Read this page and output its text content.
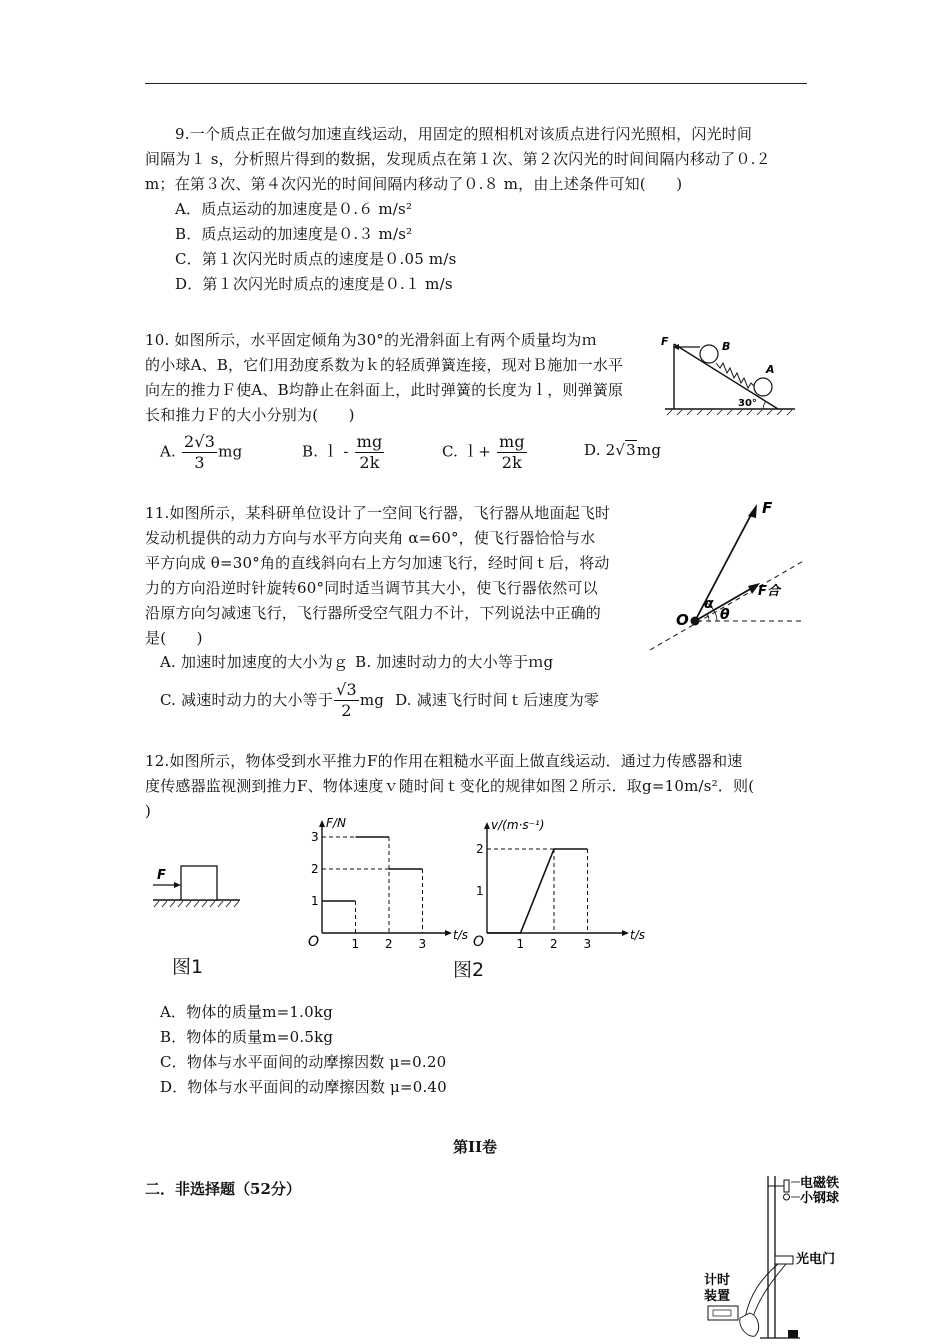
9.一个质点正在做匀加速直线运动，用固定的照相机对该质点进行闪光照相，闪光时间
间隔为１ s，分析照片得到的数据，发现质点在第１次、第２次闪光的时间间隔内移动了０.２
m；在第３次、第４次闪光的时间间隔内移动了０.８ m，由上述条件可知(　　)
A．质点运动的加速度是０.６ m/s²
B．质点运动的加速度是０.３ m/s²
C．第１次闪光时质点的速度是０.05 m/s
D．第１次闪光时质点的速度是０.１ m/s
10. 如图所示，水平固定倾角为30°的光滑斜面上有两个质量均为ｍ
的小球A、B，它们用劲度系数为ｋ的轻质弹簧连接，现对Ｂ施加一水平
向左的推力Ｆ使A、B均静止在斜面上，此时弹簧的长度为ｌ，则弹簧原
长和推力Ｆ的大小分别为(　　)
A. $\frac{2√3}{3}$ mg	B. ｌ - $\frac{mg}{2k}$	C. ｌ+ $\frac{mg}{2k}$	D. 2√3mg
F	B
A
30°
11.如图所示，某科研单位设计了一空间飞行器，飞行器从地面起飞时
发动机提供的动力方向与水平方向夹角 α=60°，使飞行器恰恰与水
平方向成 θ=30°角的直线斜向右上方匀加速飞行，经时间ｔ后，将动
力的方向沿逆时针旋转60°同时适当调节其大小，使飞行器依然可以
沿原方向匀减速飞行，飞行器所受空气阻力不计，下列说法中正确的
是(　　)
A. 加速时加速度的大小为ｇ B. 加速时动力的大小等于ｍg
C. 减速时动力的大小等于 $\frac{√3}{2}$ mg D. 减速飞行时间ｔ后速度为零
F
F合
O
α
θ
12.如图所示，物体受到水平推力F的作用在粗糙水平面上做直线运动．通过力传感器和速
度传感器监视测到推力F、物体速度ｖ随时间ｔ变化的规律如图２所示．取g=10m/s²．则(
)
F
图1
1 2 3
1
2
3
O	t/s
F/N
1 2 3
1
2
O	t/s
v/(m·s⁻¹)
图2
A．物体的质量m=1.0kg
B．物体的质量m=0.5kg
C．物体与水平面间的动摩擦因数 μ=0.20
D．物体与水平面间的动摩擦因数 μ=0.40
第II卷
二．非选择题（52分）	电磁铁
小钢球
光电门
计时
装置
